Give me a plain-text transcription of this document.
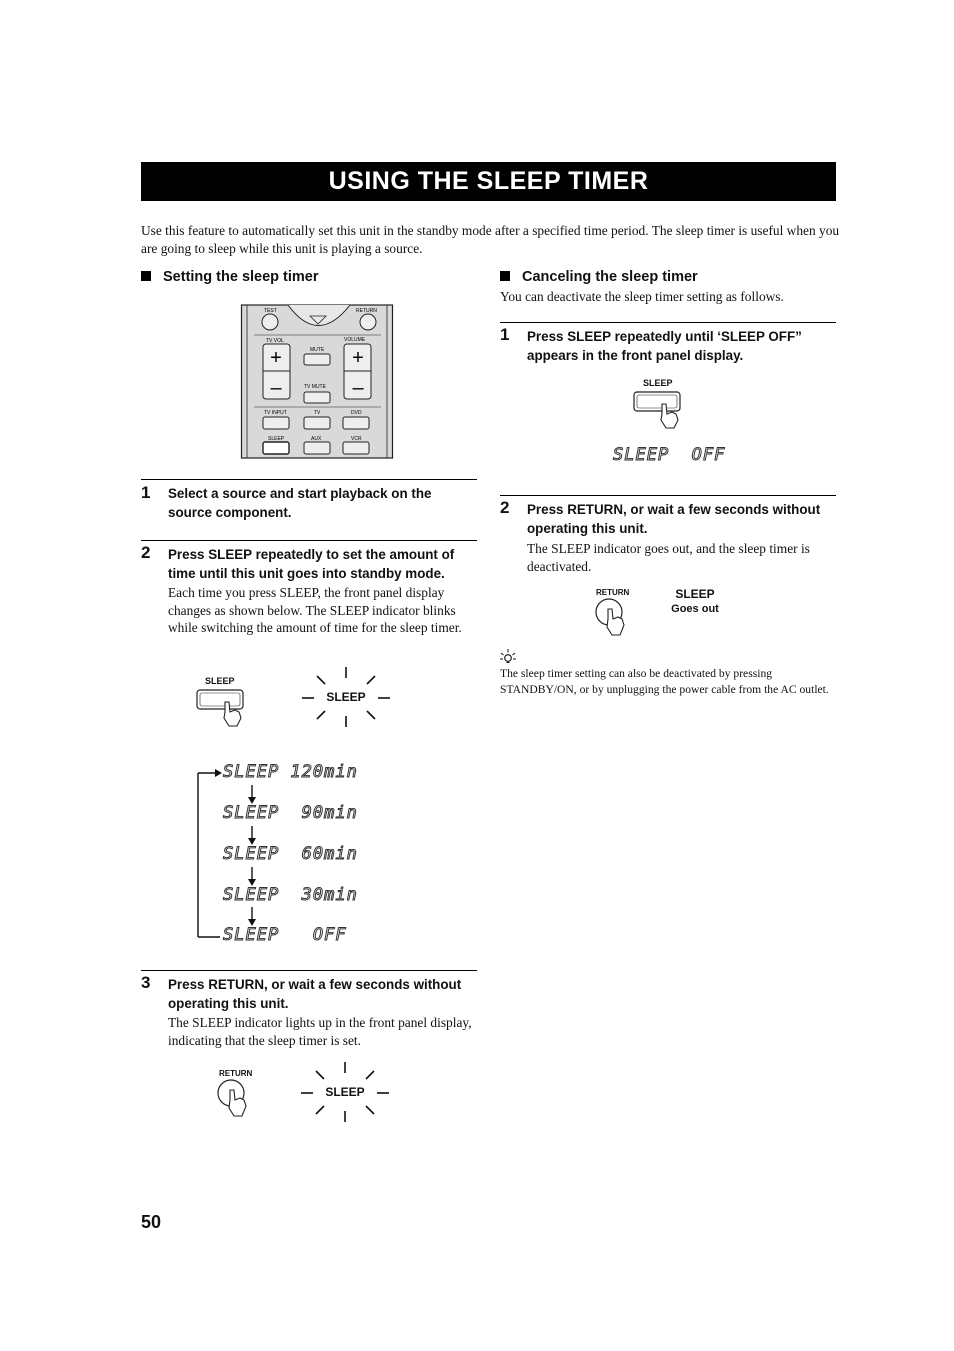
USING THE SLEEP TIMER
Use this feature to automatically set this unit in the standby mode after a specified time period. The sleep timer is useful when you are going to sleep while this unit is playing a source.
Setting the sleep timer
+
–
+
–
TEST	RETURN
TV VOL	VOLUME
MUTE
TV MUTE
TV INPUT	TV	DVD
SLEEP	AUX	VCR
1 Select a source and start playback on the source component.
2 Press SLEEP repeatedly to set the amount of time until this unit goes into standby mode.
Each time you press SLEEP, the front panel display changes as shown below. The SLEEP indicator blinks while switching the amount of time for the sleep timer.
SLEEP
SLEEP
SLEEP 120min
SLEEP  90min
SLEEP  60min
SLEEP  30min
SLEEP   OFF
3 Press RETURN, or wait a few seconds without operating this unit.
The SLEEP indicator lights up in the front panel display, indicating that the sleep timer is set.
RETURN
SLEEP
Canceling the sleep timer
You can deactivate the sleep timer setting as follows.
1 Press SLEEP repeatedly until ‘SLEEP OFF” appears in the front panel display.
SLEEP
SLEEP  OFF
2 Press RETURN, or wait a few seconds without operating this unit.
The SLEEP indicator goes out, and the sleep timer is deactivated.
RETURN	SLEEP
Goes out
The sleep timer setting can also be deactivated by pressing STANDBY/ON, or by unplugging the power cable from the AC outlet.
50
